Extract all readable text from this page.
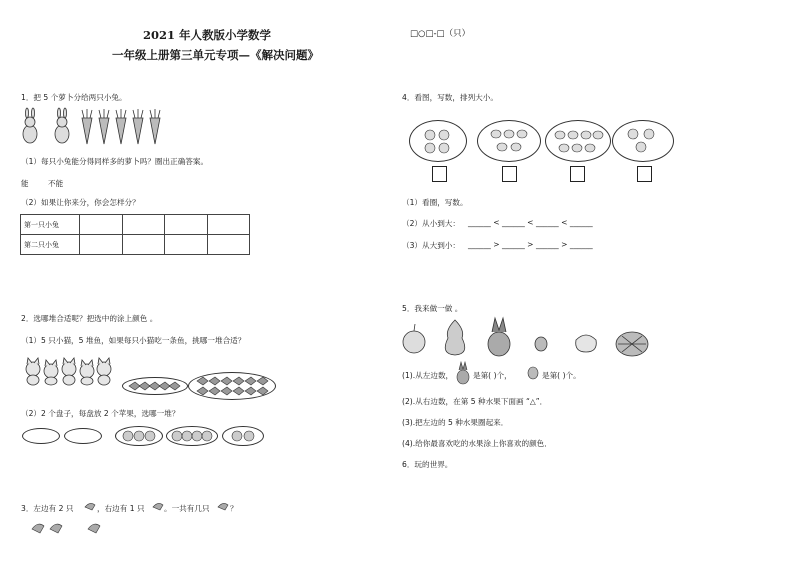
2021 年人教版小学数学
一年级上册第三单元专项—《解决问题》
□○□-□（只）
1．把 5 个萝卜分给两只小兔。
（1）每只小兔能分得同样多的萝卜吗？圈出正确答案。
能	不能
（2）如果让你来分，你会怎样分？
第一只小兔				
第二只小兔				
2．选哪堆合适呢？把选中的涂上颜色 。
（1）5 只小猫，5 堆鱼，如果每只小猫吃一条鱼，挑哪一堆合适？
（2）2 个盘子，每盘放 2 个苹果，选哪一堆？
3．左边有 2 只	，右边有 1 只	。一共有几只	？
4．看图，写数，排列大小。
（1）看圈，写数。
（2）从小到大： ______ < ______ < ______ < ______
（3）从大到小： ______ > ______ > ______ > ______
5．我来做一做 。
(1).从左边数，	是第( )个，	是第( )个。
(2).从右边数，在第 5 种水果下面画 “△”．
(3).把左边的 5 种水果圈起来．
(4).给你最喜欢吃的水果涂上你喜欢的颜色．
6．玩的世界。
